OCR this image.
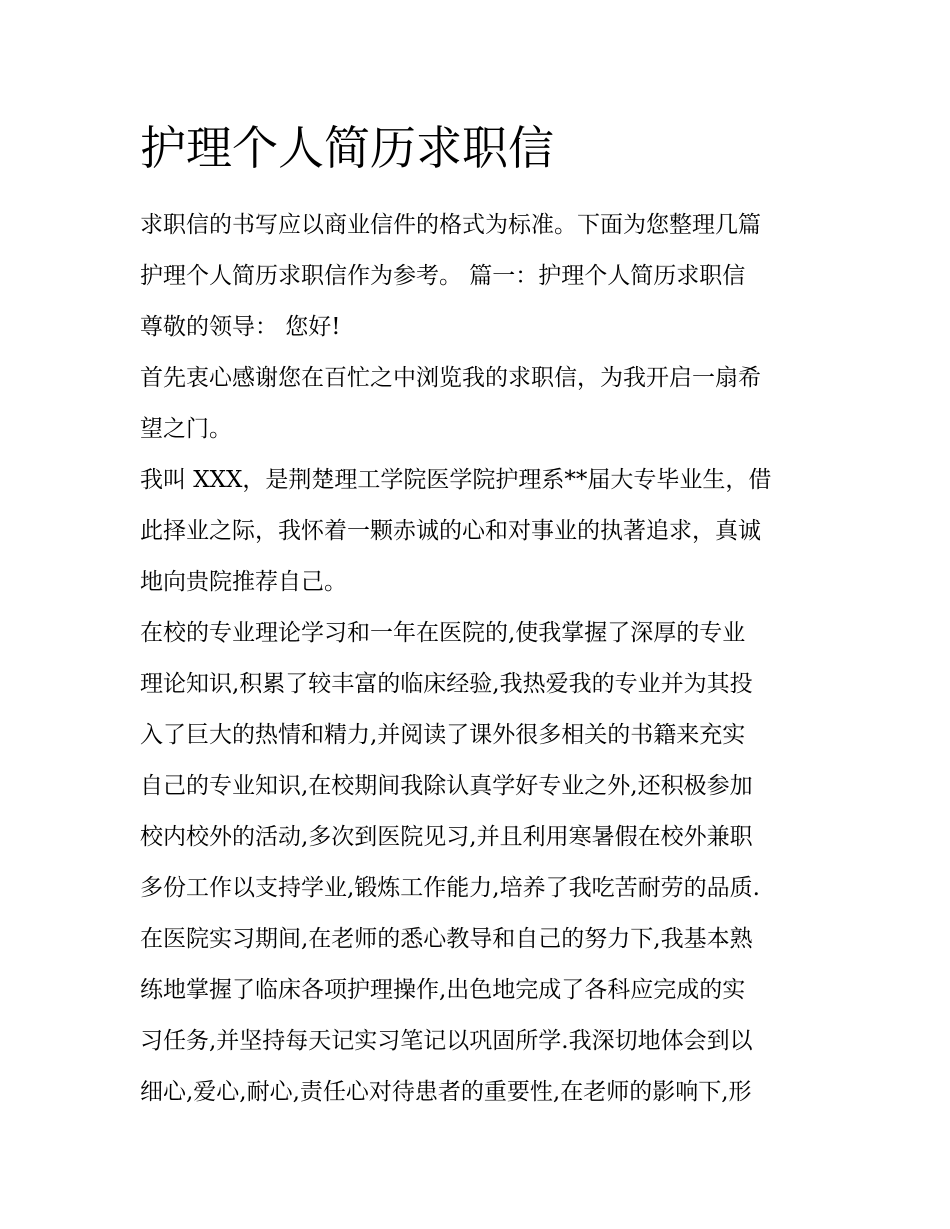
护理个人简历求职信
求职信的书写应以商业信件的格式为标准。下面为您整理几篇
护理个人简历求职信作为参考。 篇一：护理个人简历求职信
尊敬的领导： 您好!
首先衷心感谢您在百忙之中浏览我的求职信，为我开启一扇希
望之门。
我叫 XXX，是荆楚理工学院医学院护理系**届大专毕业生，借
此择业之际，我怀着一颗赤诚的心和对事业的执著追求，真诚
地向贵院推荐自己。
在校的专业理论学习和一年在医院的,使我掌握了深厚的专业
理论知识,积累了较丰富的临床经验,我热爱我的专业并为其投
入了巨大的热情和精力,并阅读了课外很多相关的书籍来充实
自己的专业知识,在校期间我除认真学好专业之外,还积极参加
校内校外的活动,多次到医院见习,并且利用寒暑假在校外兼职
多份工作以支持学业,锻炼工作能力,培养了我吃苦耐劳的品质.
在医院实习期间,在老师的悉心教导和自己的努力下,我基本熟
练地掌握了临床各项护理操作,出色地完成了各科应完成的实
习任务,并坚持每天记实习笔记以巩固所学.我深切地体会到以
细心,爱心,耐心,责任心对待患者的重要性,在老师的影响下,形
